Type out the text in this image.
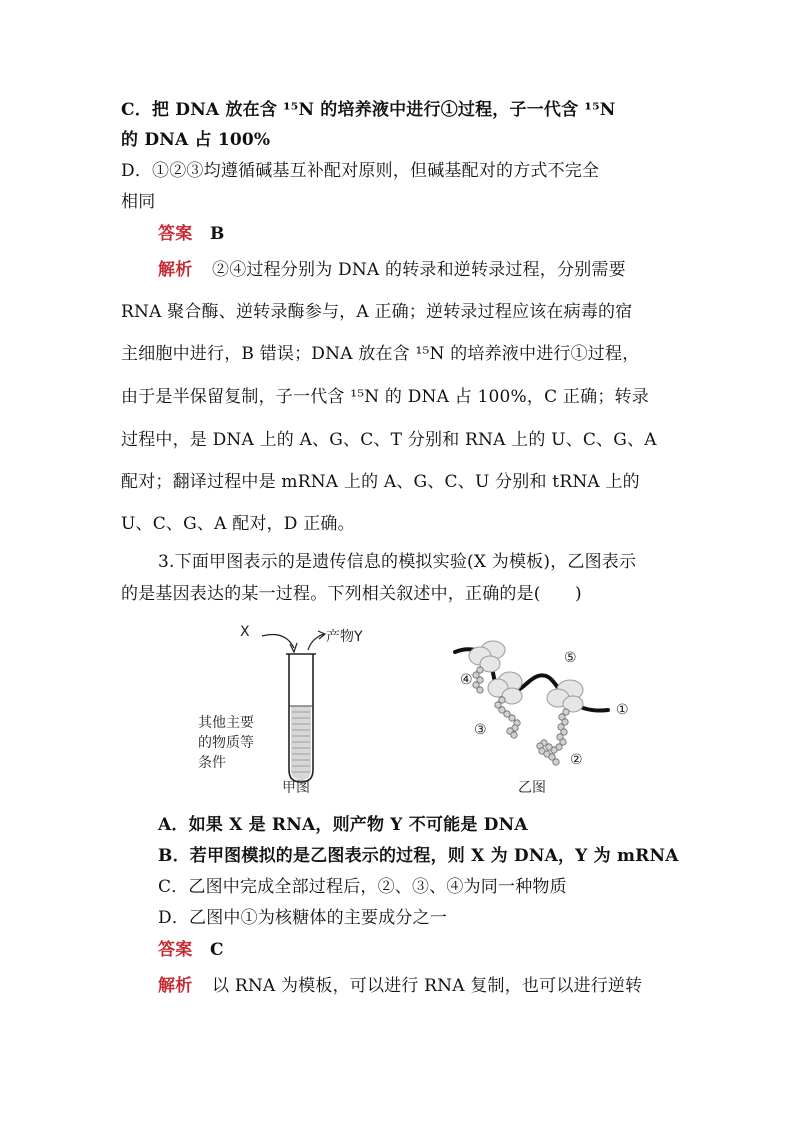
C．把 DNA 放在含 ¹⁵N 的培养液中进行①过程，子一代含 ¹⁵N
的 DNA 占 100%
D．①②③均遵循碱基互补配对原则，但碱基配对的方式不完全
相同
答案 B
解析 ②④过程分别为 DNA 的转录和逆转录过程，分别需要
RNA 聚合酶、逆转录酶参与，A 正确；逆转录过程应该在病毒的宿
主细胞中进行，B 错误；DNA 放在含 ¹⁵N 的培养液中进行①过程，
由于是半保留复制，子一代含 ¹⁵N 的 DNA 占 100%，C 正确；转录
过程中，是 DNA 上的 A、G、C、T 分别和 RNA 上的 U、C、G、A
配对；翻译过程中是 mRNA 上的 A、G、C、U 分别和 tRNA 上的
U、C、G、A 配对，D 正确。
3.下面甲图表示的是遗传信息的模拟实验(X 为模板)，乙图表示
的是基因表达的某一过程。下列相关叙述中，正确的是(　　)
X	产物Y
其他主要
的物质等
条件
甲图	乙图
①
②
③
④
⑤
A．如果 X 是 RNA，则产物 Y 不可能是 DNA
B．若甲图模拟的是乙图表示的过程，则 X 为 DNA，Y 为 mRNA
C．乙图中完成全部过程后，②、③、④为同一种物质
D．乙图中①为核糖体的主要成分之一
答案 C
解析 以 RNA 为模板，可以进行 RNA 复制，也可以进行逆转
